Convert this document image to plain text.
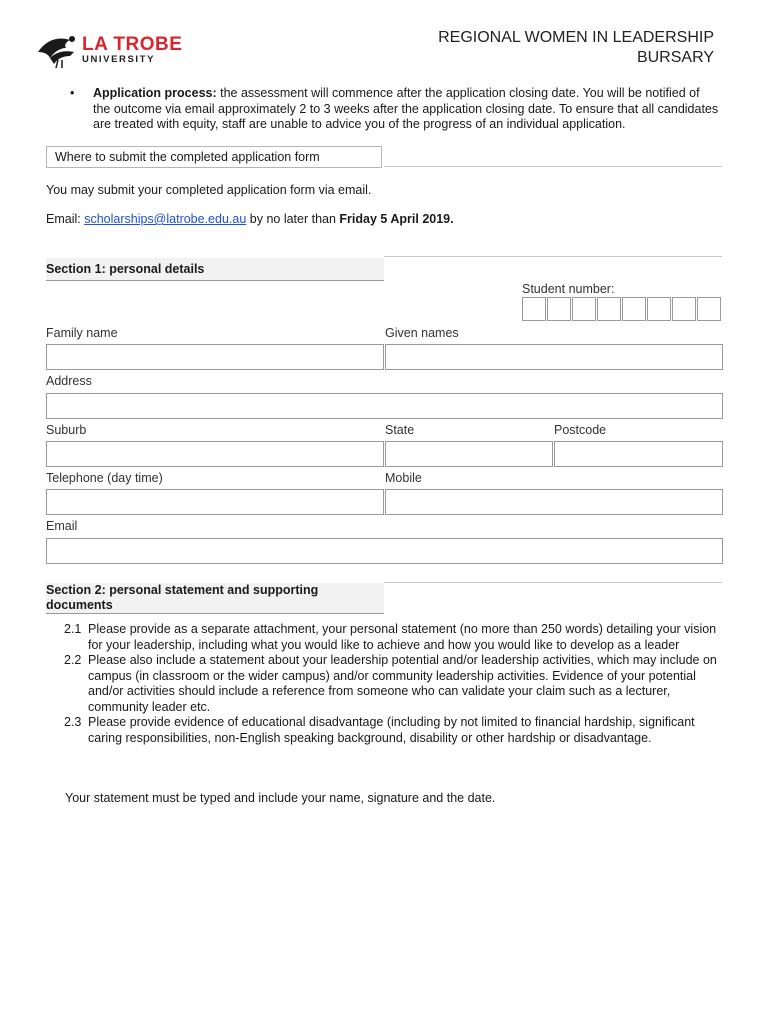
LA TROBE
UNIVERSITY
REGIONAL WOMEN IN LEADERSHIP
BURSARY
• Application process: the assessment will commence after the application closing date. You will be notified of the outcome via email approximately 2 to 3 weeks after the application closing date. To ensure that all candidates are treated with equity, staff are unable to advice you of the progress of an individual application.
Where to submit the completed application form
You may submit your completed application form via email.
Email: scholarships@latrobe.edu.au by no later than Friday 5 April 2019.
Section 1: personal details
Student number:
Family name	Given names
Address
Suburb	State	Postcode
Telephone (day time)	Mobile
Email
Section 2: personal statement and supporting
documents
2.1 Please provide as a separate attachment, your personal statement (no more than 250 words) detailing your vision for your leadership, including what you would like to achieve and how you would like to develop as a leader
2.2 Please also include a statement about your leadership potential and/or leadership activities, which may include on campus (in classroom or the wider campus) and/or community leadership activities. Evidence of your potential and/or activities should include a reference from someone who can validate your claim such as a lecturer, community leader etc.
2.3 Please provide evidence of educational disadvantage (including by not limited to financial hardship, significant caring responsibilities, non-English speaking background, disability or other hardship or disadvantage.
Your statement must be typed and include your name, signature and the date.
